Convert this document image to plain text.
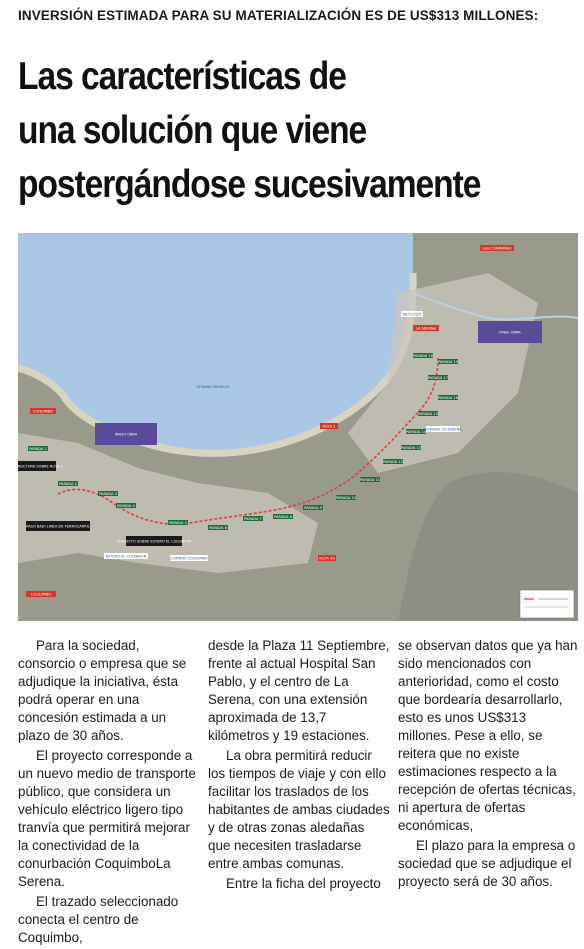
INVERSIÓN ESTIMADA PARA SU MATERIALIZACIÓN ES DE US$313 MILLONES:
Las características de
una solución que viene
postergándose sucesivamente
OCEANO PACIFICO
PARADA 1
PARADA 2
PARADA 3
PARADA 4
PARADA 5
PARADA 6
PARADA 7	PARADA 8
PARADA 9
PARADA 10
PARADA 11
PARADA 12
PARADA 13
PARADA 14
PARADA 15
PARADA 16
PARADA 17
PARADA 18
PARADA 19
LAS COMPAÑIAS
LA SERENA
COQUIMBO
RUTA 5
RUTA 43
COQUIMBO
INICIO OBRA
FINAL OBRA
RIO ELQUI
ESTERO EL CULEBRON	COMUNA COQUIMBO
COMUNA LA SERENA
ESTRUCTURA SOBRE RUTA 5
PASO BAJO LINEA DE FERROCARRIL
VIADUCTO SOBRE ESTERO EL CULEBRON

Para la sociedad, consorcio o empresa que se adjudique la iniciativa, ésta podrá operar en una concesión estimada a un plazo de 30 años.

El proyecto corresponde a un nuevo medio de transporte público, que considera un vehículo eléctrico ligero tipo tranvía que permitirá mejorar la conectividad de la conurbación CoquimboLa Serena.

El trazado seleccionado conecta el centro de Coquimbo,

desde la Plaza 11 Septiembre, frente al actual Hospital San Pablo, y el centro de La Serena, con una extensión aproximada de 13,7 kilómetros y 19 estaciones.

La obra permitirá reducir los tiempos de viaje y con ello facilitar los traslados de los habitantes de ambas ciudades y de otras zonas aledañas que necesiten trasladarse entre ambas comunas.

Entre la ficha del proyecto

se observan datos que ya han sido mencionados con anterioridad, como el costo que bordearía desarrollarlo, esto es unos US$313 millones. Pese a ello, se reitera que no existe estimaciones respecto a la recepción de ofertas técnicas, ni apertura de ofertas económicas,

El plazo para la empresa o sociedad que se adjudique el proyecto será de 30 años.
